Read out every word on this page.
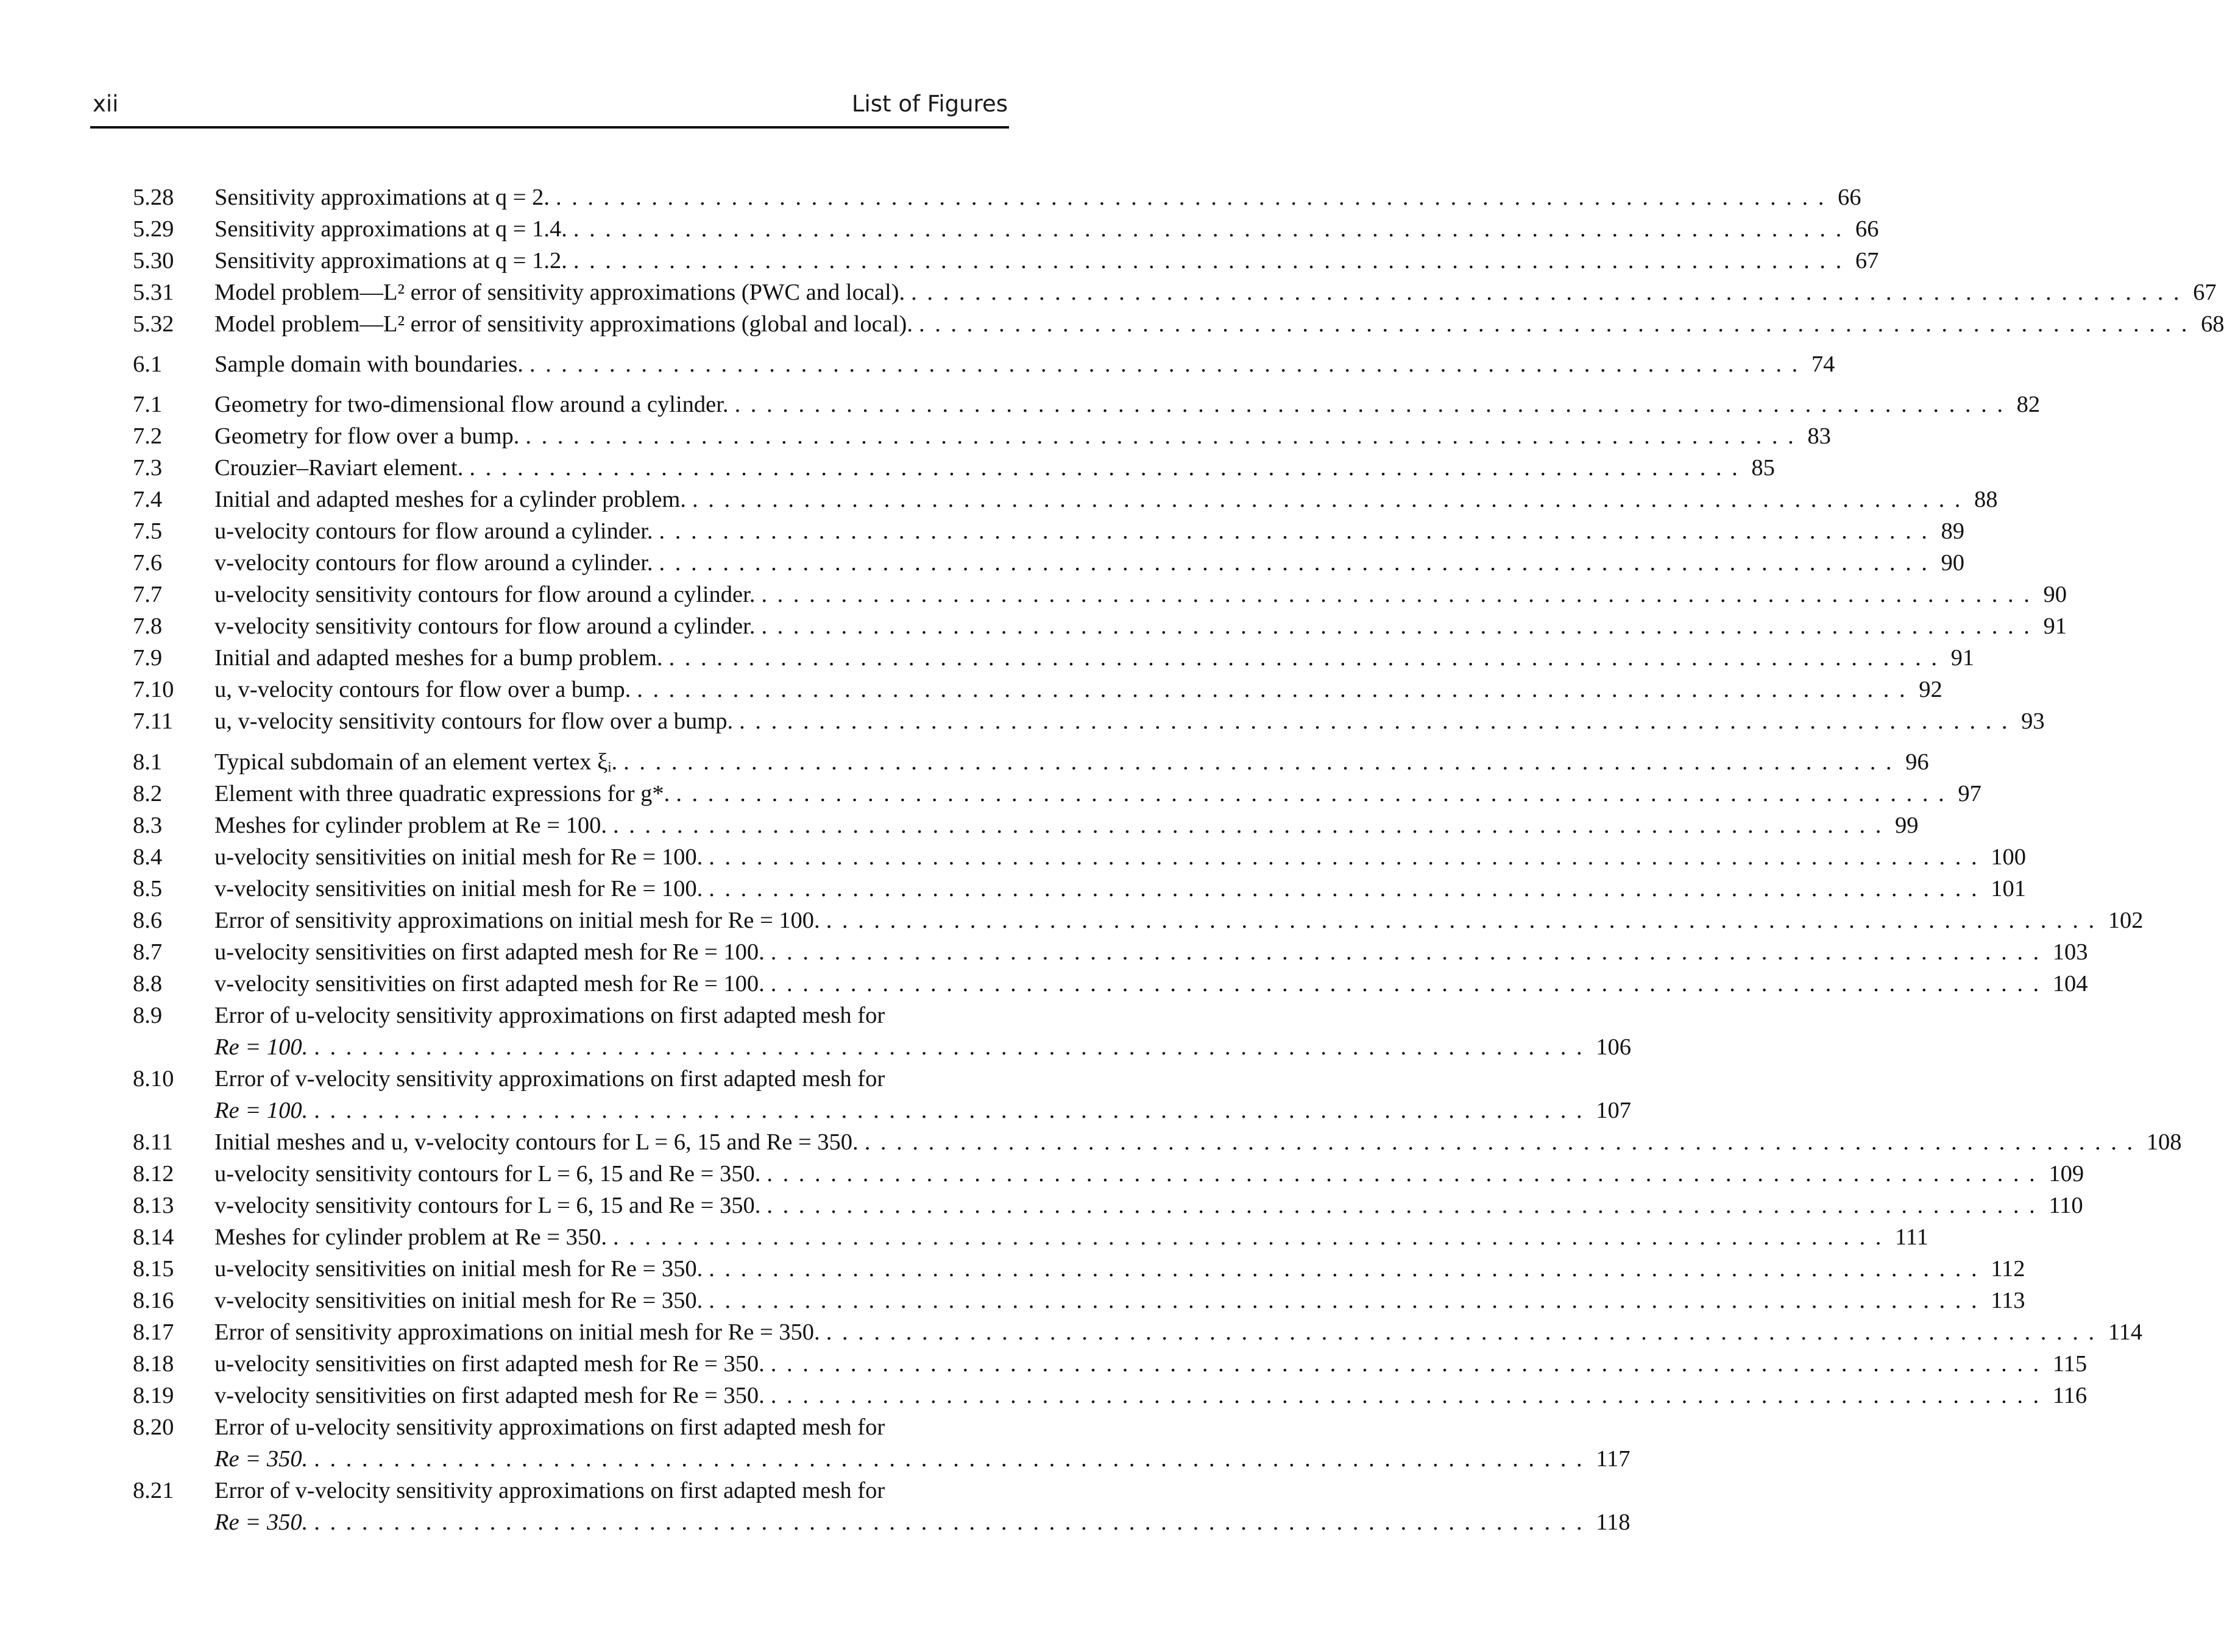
xii	List of Figures
5.28 Sensitivity approximations at q = 2. ................................................................................ 66
5.29 Sensitivity approximations at q = 1.4. ................................................................................ 66
5.30 Sensitivity approximations at q = 1.2. ................................................................................ 67
5.31 Model problem—L² error of sensitivity approximations (PWC and local). ................................................................................ 67
5.32 Model problem—L² error of sensitivity approximations (global and local). ................................................................................ 68
6.1 Sample domain with boundaries. ................................................................................ 74
7.1 Geometry for two-dimensional flow around a cylinder. ................................................................................ 82
7.2 Geometry for flow over a bump. ................................................................................ 83
7.3 Crouzier–Raviart element. ................................................................................ 85
7.4 Initial and adapted meshes for a cylinder problem. ................................................................................ 88
7.5 u-velocity contours for flow around a cylinder. ................................................................................ 89
7.6 v-velocity contours for flow around a cylinder. ................................................................................ 90
7.7 u-velocity sensitivity contours for flow around a cylinder. ................................................................................ 90
7.8 v-velocity sensitivity contours for flow around a cylinder. ................................................................................ 91
7.9 Initial and adapted meshes for a bump problem. ................................................................................ 91
7.10 u, v-velocity contours for flow over a bump. ................................................................................ 92
7.11 u, v-velocity sensitivity contours for flow over a bump. ................................................................................ 93
8.1 Typical subdomain of an element vertex ξᵢ. ................................................................................ 96
8.2 Element with three quadratic expressions for g*. ................................................................................ 97
8.3 Meshes for cylinder problem at Re = 100. ................................................................................ 99
8.4 u-velocity sensitivities on initial mesh for Re = 100. ................................................................................ 100
8.5 v-velocity sensitivities on initial mesh for Re = 100. ................................................................................ 101
8.6 Error of sensitivity approximations on initial mesh for Re = 100. ................................................................................ 102
8.7 u-velocity sensitivities on first adapted mesh for Re = 100. ................................................................................ 103
8.8 v-velocity sensitivities on first adapted mesh for Re = 100. ................................................................................ 104
8.9 Error of u-velocity sensitivity approximations on first adapted mesh for
Re = 100. ................................................................................ 106
8.10 Error of v-velocity sensitivity approximations on first adapted mesh for
Re = 100. ................................................................................ 107
8.11 Initial meshes and u, v-velocity contours for L = 6, 15 and Re = 350. ................................................................................ 108
8.12 u-velocity sensitivity contours for L = 6, 15 and Re = 350. ................................................................................ 109
8.13 v-velocity sensitivity contours for L = 6, 15 and Re = 350. ................................................................................ 110
8.14 Meshes for cylinder problem at Re = 350. ................................................................................ 111
8.15 u-velocity sensitivities on initial mesh for Re = 350. ................................................................................ 112
8.16 v-velocity sensitivities on initial mesh for Re = 350. ................................................................................ 113
8.17 Error of sensitivity approximations on initial mesh for Re = 350. ................................................................................ 114
8.18 u-velocity sensitivities on first adapted mesh for Re = 350. ................................................................................ 115
8.19 v-velocity sensitivities on first adapted mesh for Re = 350. ................................................................................ 116
8.20 Error of u-velocity sensitivity approximations on first adapted mesh for
Re = 350. ................................................................................ 117
8.21 Error of v-velocity sensitivity approximations on first adapted mesh for
Re = 350. ................................................................................ 118
